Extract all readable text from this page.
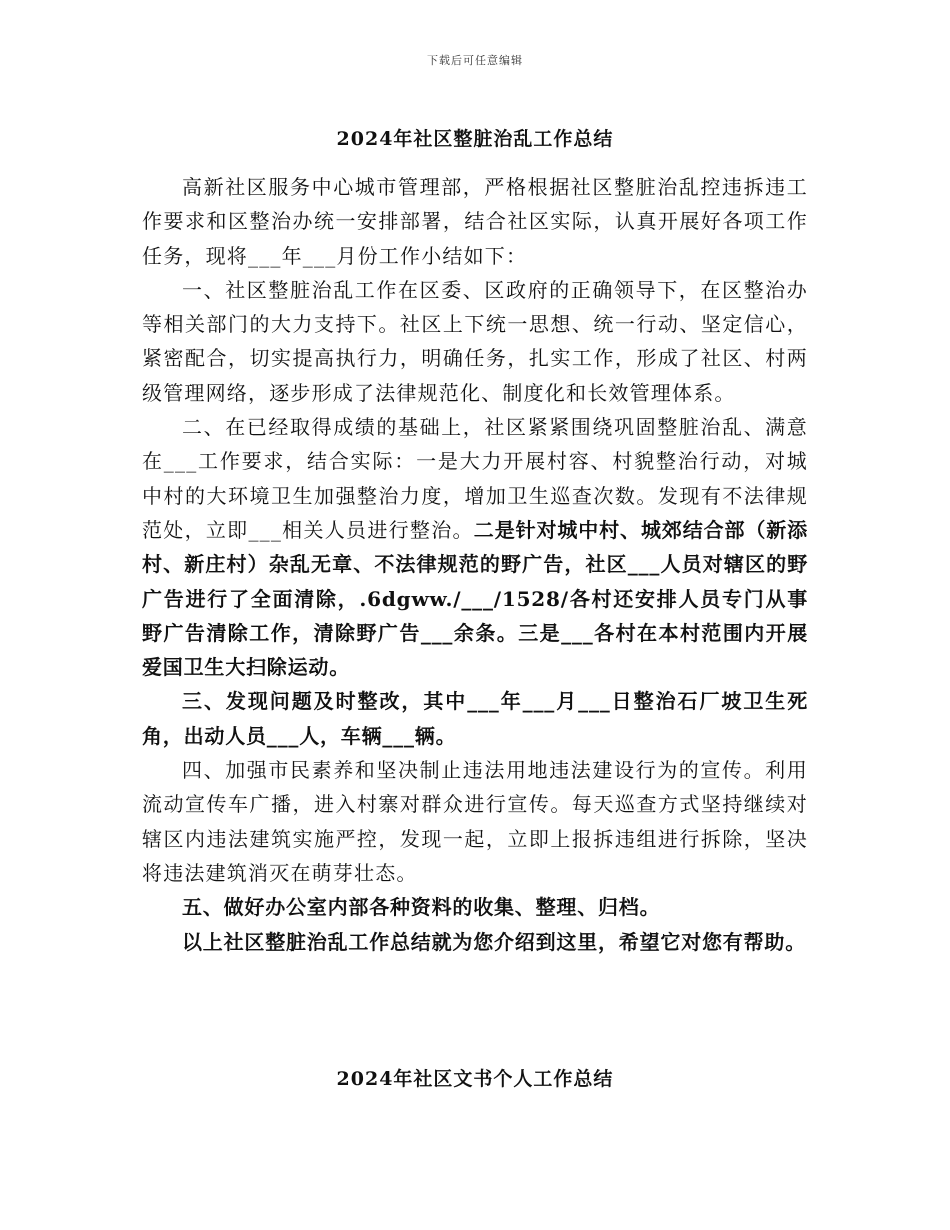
下载后可任意编辑
2024年社区整脏治乱工作总结

高新社区服务中心城市管理部，严格根据社区整脏治乱控违拆违工作要求和区整治办统一安排部署，结合社区实际，认真开展好各项工作任务，现将___年___月份工作小结如下：

一、社区整脏治乱工作在区委、区政府的正确领导下，在区整治办等相关部门的大力支持下。社区上下统一思想、统一行动、坚定信心，紧密配合，切实提高执行力，明确任务，扎实工作，形成了社区、村两级管理网络，逐步形成了法律规范化、制度化和长效管理体系。

二、在已经取得成绩的基础上，社区紧紧围绕巩固整脏治乱、满意在___工作要求，结合实际：一是大力开展村容、村貌整治行动，对城中村的大环境卫生加强整治力度，增加卫生巡查次数。发现有不法律规范处，立即___相关人员进行整治。二是针对城中村、城郊结合部（新添村、新庄村）杂乱无章、不法律规范的野广告，社区___人员对辖区的野广告进行了全面清除，.6dgww./___/1528/各村还安排人员专门从事野广告清除工作，清除野广告___余条。三是___各村在本村范围内开展爱国卫生大扫除运动。

三、发现问题及时整改，其中___年___月___日整治石厂坡卫生死角，出动人员___人，车辆___辆。

四、加强市民素养和坚决制止违法用地违法建设行为的宣传。利用流动宣传车广播，进入村寨对群众进行宣传。每天巡查方式坚持继续对辖区内违法建筑实施严控，发现一起，立即上报拆违组进行拆除，坚决将违法建筑消灭在萌芽壮态。

五、做好办公室内部各种资料的收集、整理、归档。

以上社区整脏治乱工作总结就为您介绍到这里，希望它对您有帮助。

2024年社区文书个人工作总结
